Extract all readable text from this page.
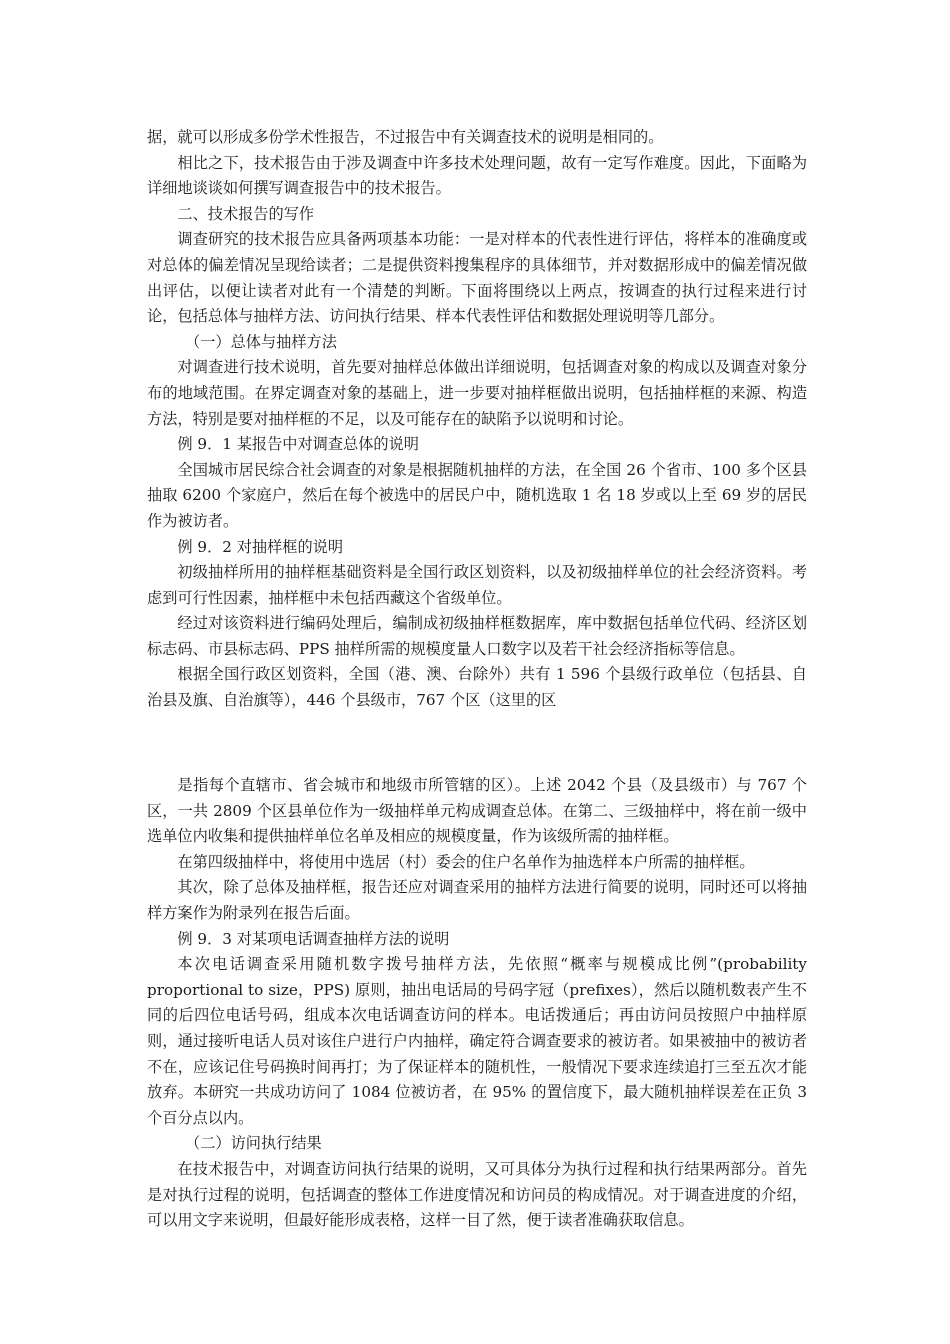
据，就可以形成多份学术性报告，不过报告中有关调查技术的说明是相同的。

相比之下，技术报告由于涉及调查中许多技术处理问题，故有一定写作难度。因此，下面略为详细地谈谈如何撰写调查报告中的技术报告。

二、技术报告的写作

调查研究的技术报告应具备两项基本功能：一是对样本的代表性进行评估，将样本的准确度或对总体的偏差情况呈现给读者；二是提供资料搜集程序的具体细节，并对数据形成中的偏差情况做出评估，以便让读者对此有一个清楚的判断。下面将围绕以上两点，按调查的执行过程来进行讨论，包括总体与抽样方法、访问执行结果、样本代表性评估和数据处理说明等几部分。

（一）总体与抽样方法

对调查进行技术说明，首先要对抽样总体做出详细说明，包括调查对象的构成以及调查对象分布的地域范围。在界定调查对象的基础上，进一步要对抽样框做出说明，包括抽样框的来源、构造方法，特别是要对抽样框的不足，以及可能存在的缺陷予以说明和讨论。

例 9．1 某报告中对调查总体的说明

全国城市居民综合社会调查的对象是根据随机抽样的方法，在全国 26 个省市、100 多个区县抽取 6200 个家庭户，然后在每个被选中的居民户中，随机选取 1 名 18 岁或以上至 69 岁的居民作为被访者。

例 9．2 对抽样框的说明

初级抽样所用的抽样框基础资料是全国行政区划资料，以及初级抽样单位的社会经济资料。考虑到可行性因素，抽样框中未包括西藏这个省级单位。

经过对该资料进行编码处理后，编制成初级抽样框数据库，库中数据包括单位代码、经济区划标志码、市县标志码、PPS 抽样所需的规模度量人口数字以及若干社会经济指标等信息。

根据全国行政区划资料，全国（港、澳、台除外）共有 1 596 个县级行政单位（包括县、自治县及旗、自治旗等），446 个县级市，767 个区（这里的区

是指每个直辖市、省会城市和地级市所管辖的区）。上述 2042 个县（及县级市）与 767 个区，一共 2809 个区县单位作为一级抽样单元构成调查总体。在第二、三级抽样中，将在前一级中选单位内收集和提供抽样单位名单及相应的规模度量，作为该级所需的抽样框。

在第四级抽样中，将使用中选居（村）委会的住户名单作为抽选样本户所需的抽样框。

其次，除了总体及抽样框，报告还应对调查采用的抽样方法进行简要的说明，同时还可以将抽样方案作为附录列在报告后面。

例 9．3 对某项电话调查抽样方法的说明

本次电话调查采用随机数字拨号抽样方法，先依照“概率与规模成比例”(probability proportional to size，PPS) 原则，抽出电话局的号码字冠（prefixes），然后以随机数表产生不同的后四位电话号码，组成本次电话调查访问的样本。电话拨通后；再由访问员按照户中抽样原则，通过接听电话人员对该住户进行户内抽样，确定符合调查要求的被访者。如果被抽中的被访者不在，应该记住号码换时间再打；为了保证样本的随机性，一般情况下要求连续追打三至五次才能放弃。本研究一共成功访问了 1084 位被访者，在 95% 的置信度下，最大随机抽样误差在正负 3 个百分点以内。

（二）访问执行结果

在技术报告中，对调查访问执行结果的说明，又可具体分为执行过程和执行结果两部分。首先是对执行过程的说明，包括调查的整体工作进度情况和访问员的构成情况。对于调查进度的介绍，可以用文字来说明，但最好能形成表格，这样一目了然，便于读者准确获取信息。
